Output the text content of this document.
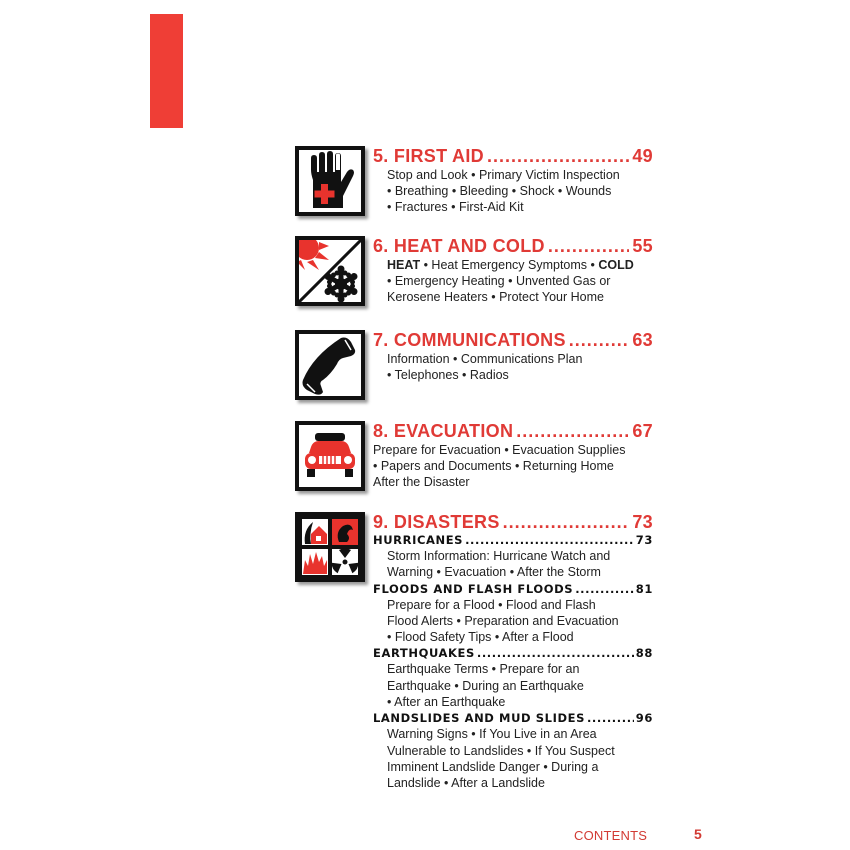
5. FIRST AID .....	49
Stop and Look • Primary Victim Inspection
• Breathing • Bleeding • Shock • Wounds
• Fractures • First-Aid Kit
6. HEAT AND COLD .....	55
HEAT • Heat Emergency Symptoms • COLD
• Emergency Heating • Unvented Gas or
Kerosene Heaters • Protect Your Home
7. COMMUNICATIONS .....	63
Information • Communications Plan
• Telephones • Radios
8. EVACUATION .....	67
Prepare for Evacuation • Evacuation Supplies
• Papers and Documents • Returning Home
After the Disaster
9. DISASTERS .....	73
HURRICANES .....	73
Storm Information: Hurricane Watch and
Warning • Evacuation • After the Storm
FLOODS AND FLASH FLOODS .....	81
Prepare for a Flood • Flood and Flash
Flood Alerts • Preparation and Evacuation
• Flood Safety Tips • After a Flood
EARTHQUAKES .....	88
Earthquake Terms • Prepare for an
Earthquake • During an Earthquake
• After an Earthquake
LANDSLIDES AND MUD SLIDES .....	96
Warning Signs • If You Live in an Area
Vulnerable to Landslides • If You Suspect
Imminent Landslide Danger • During a
Landslide • After a Landslide
CONTENTS	5
